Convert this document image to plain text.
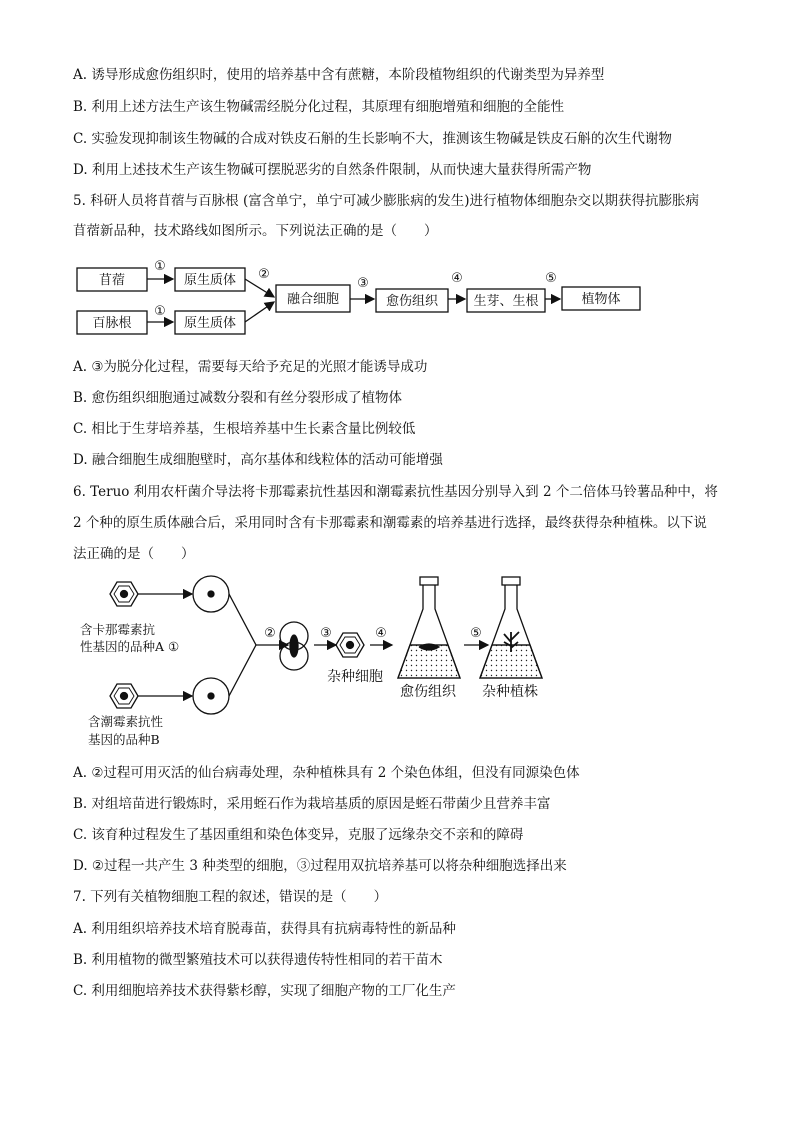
A. 诱导形成愈伤组织时，使用的培养基中含有蔗糖，本阶段植物组织的代谢类型为异养型
B. 利用上述方法生产该生物碱需经脱分化过程，其原理有细胞增殖和细胞的全能性
C. 实验发现抑制该生物碱的合成对铁皮石斛的生长影响不大，推测该生物碱是铁皮石斛的次生代谢物
D. 利用上述技术生产该生物碱可摆脱恶劣的自然条件限制，从而快速大量获得所需产物
5. 科研人员将苜蓿与百脉根 (富含单宁，单宁可减少膨胀病的发生)进行植物体细胞杂交以期获得抗膨胀病
苜蓿新品种，技术路线如图所示。下列说法正确的是（　　）
苜蓿
百脉根
原生质体
原生质体
融合细胞	愈伤组织	生芽、生根	植物体
①
①
②
③	④	⑤
A. ③为脱分化过程，需要每天给予充足的光照才能诱导成功
B. 愈伤组织细胞通过减数分裂和有丝分裂形成了植物体
C. 相比于生芽培养基，生根培养基中生长素含量比例较低
D. 融合细胞生成细胞壁时，高尔基体和线粒体的活动可能增强
6. Teruo 利用农杆菌介导法将卡那霉素抗性基因和潮霉素抗性基因分别导入到 2 个二倍体马铃薯品种中，将
2 个种的原生质体融合后，采用同时含有卡那霉素和潮霉素的培养基进行选择，最终获得杂种植株。以下说
法正确的是（　　）
含卡那霉素抗
性基因的品种A ①
含潮霉素抗性
基因的品种B
②	③	④	⑤
杂种细胞
愈伤组织 杂种植株
A. ②过程可用灭活的仙台病毒处理，杂种植株具有 2 个染色体组，但没有同源染色体
B. 对组培苗进行锻炼时，采用蛭石作为栽培基质的原因是蛭石带菌少且营养丰富
C. 该育种过程发生了基因重组和染色体变异，克服了远缘杂交不亲和的障碍
D. ②过程一共产生 3 种类型的细胞，③过程用双抗培养基可以将杂种细胞选择出来
7. 下列有关植物细胞工程的叙述，错误的是（　　）
A. 利用组织培养技术培育脱毒苗，获得具有抗病毒特性的新品种
B. 利用植物的微型繁殖技术可以获得遗传特性相同的若干苗木
C. 利用细胞培养技术获得紫杉醇，实现了细胞产物的工厂化生产
